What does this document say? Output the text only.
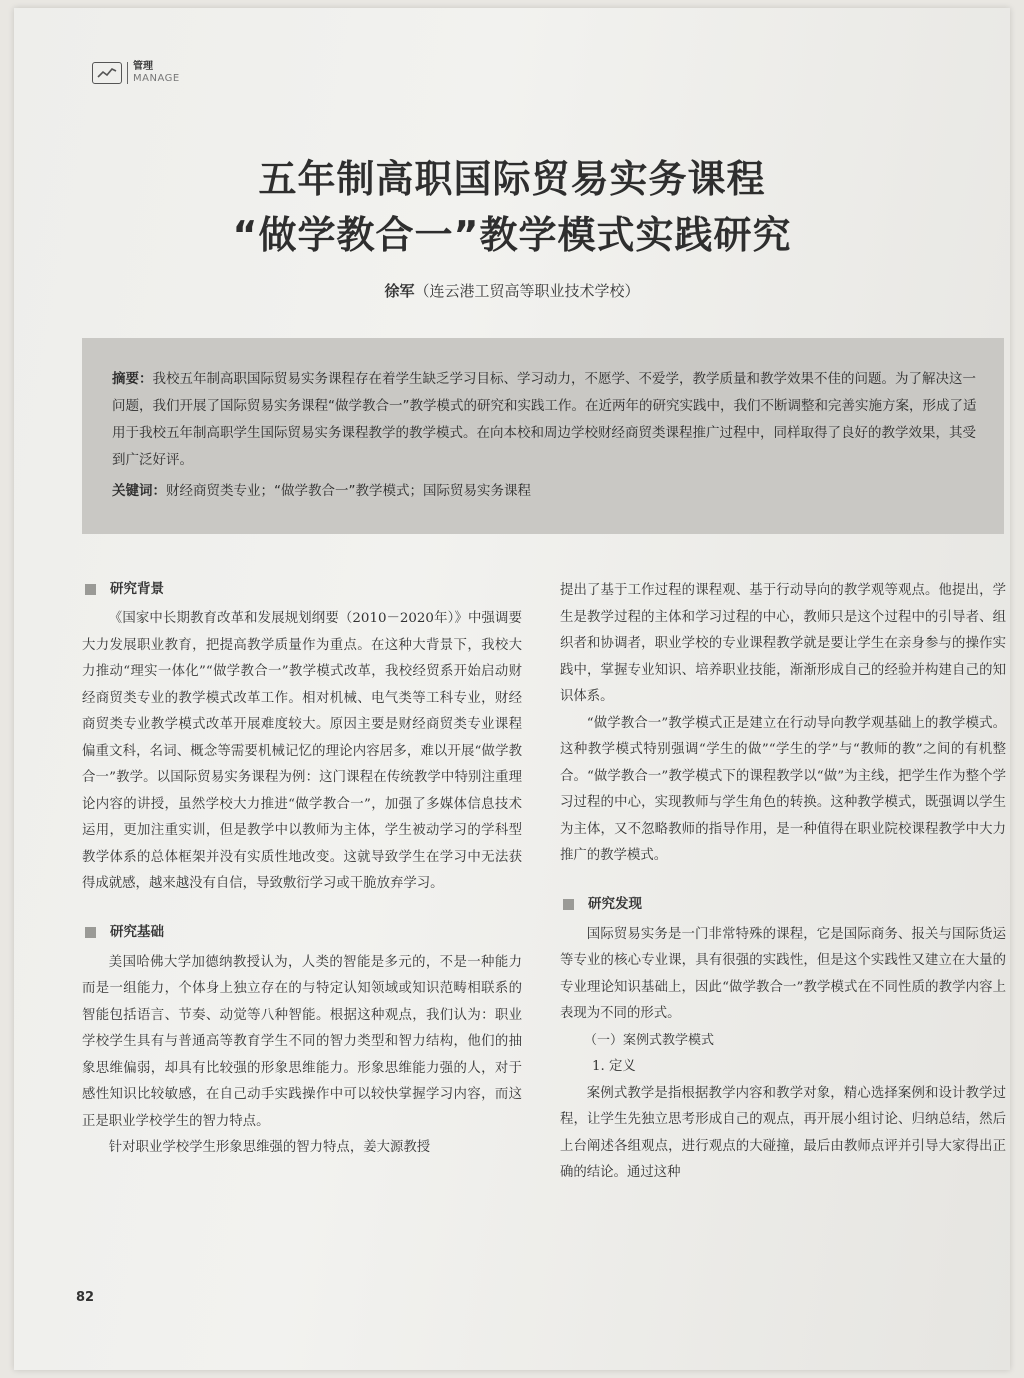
管理
MANAGE
五年制高职国际贸易实务课程
“做学教合一”教学模式实践研究
徐军（连云港工贸高等职业技术学校）
摘要：我校五年制高职国际贸易实务课程存在着学生缺乏学习目标、学习动力，不愿学、不爱学，教学质量和教学效果不佳的问题。为了解决这一问题，我们开展了国际贸易实务课程“做学教合一”教学模式的研究和实践工作。在近两年的研究实践中，我们不断调整和完善实施方案，形成了适用于我校五年制高职学生国际贸易实务课程教学的教学模式。在向本校和周边学校财经商贸类课程推广过程中，同样取得了良好的教学效果，其受到广泛好评。
关键词：财经商贸类专业；“做学教合一”教学模式；国际贸易实务课程
研究背景

《国家中长期教育改革和发展规划纲要（2010－2020年）》中强调要大力发展职业教育，把提高教学质量作为重点。在这种大背景下，我校大力推动“理实一体化”“做学教合一”教学模式改革，我校经贸系开始启动财经商贸类专业的教学模式改革工作。相对机械、电气类等工科专业，财经商贸类专业教学模式改革开展难度较大。原因主要是财经商贸类专业课程偏重文科，名词、概念等需要机械记忆的理论内容居多，难以开展“做学教合一”教学。以国际贸易实务课程为例：这门课程在传统教学中特别注重理论内容的讲授，虽然学校大力推进“做学教合一”，加强了多媒体信息技术运用，更加注重实训，但是教学中以教师为主体，学生被动学习的学科型教学体系的总体框架并没有实质性地改变。这就导致学生在学习中无法获得成就感，越来越没有自信，导致敷衍学习或干脆放弃学习。

研究基础

美国哈佛大学加德纳教授认为，人类的智能是多元的，不是一种能力而是一组能力，个体身上独立存在的与特定认知领域或知识范畴相联系的智能包括语言、节奏、动觉等八种智能。根据这种观点，我们认为：职业学校学生具有与普通高等教育学生不同的智力类型和智力结构，他们的抽象思维偏弱，却具有比较强的形象思维能力。形象思维能力强的人，对于感性知识比较敏感，在自己动手实践操作中可以较快掌握学习内容，而这正是职业学校学生的智力特点。

针对职业学校学生形象思维强的智力特点，姜大源教授

提出了基于工作过程的课程观、基于行动导向的教学观等观点。他提出，学生是教学过程的主体和学习过程的中心，教师只是这个过程中的引导者、组织者和协调者，职业学校的专业课程教学就是要让学生在亲身参与的操作实践中，掌握专业知识、培养职业技能，渐渐形成自己的经验并构建自己的知识体系。

“做学教合一”教学模式正是建立在行动导向教学观基础上的教学模式。这种教学模式特别强调“学生的做”“学生的学”与“教师的教”之间的有机整合。“做学教合一”教学模式下的课程教学以“做”为主线，把学生作为整个学习过程的中心，实现教师与学生角色的转换。这种教学模式，既强调以学生为主体，又不忽略教师的指导作用，是一种值得在职业院校课程教学中大力推广的教学模式。

研究发现

国际贸易实务是一门非常特殊的课程，它是国际商务、报关与国际货运等专业的核心专业课，具有很强的实践性，但是这个实践性又建立在大量的专业理论知识基础上，因此“做学教合一”教学模式在不同性质的教学内容上表现为不同的形式。

（一）案例式教学模式
1. 定义

案例式教学是指根据教学内容和教学对象，精心选择案例和设计教学过程，让学生先独立思考形成自己的观点，再开展小组讨论、归纳总结，然后上台阐述各组观点，进行观点的大碰撞，最后由教师点评并引导大家得出正确的结论。通过这种

82
